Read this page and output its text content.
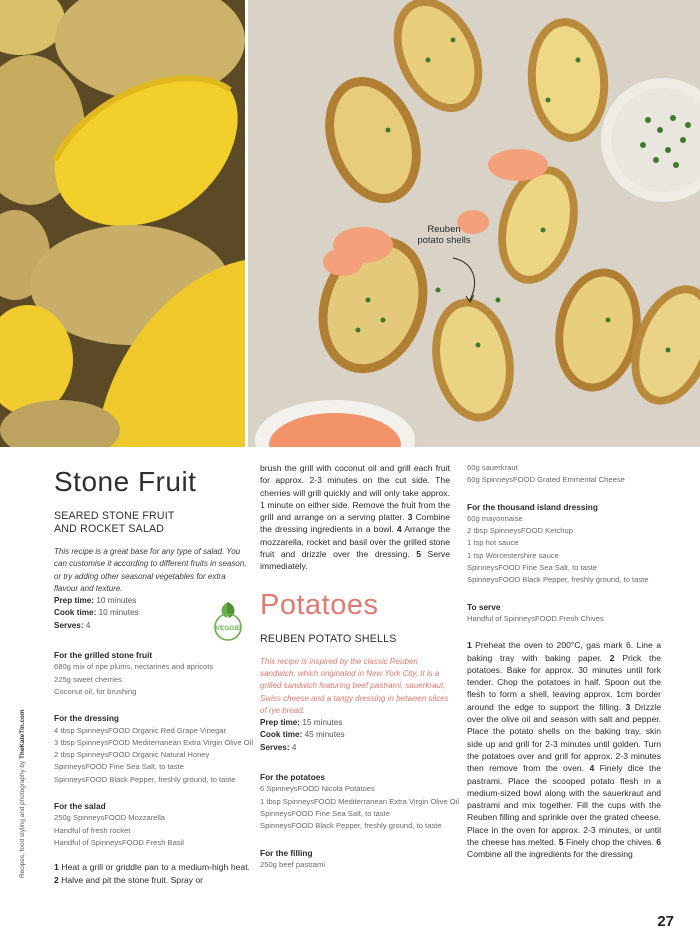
Reuben
potato shells
Stone Fruit
SEARED STONE FRUIT
AND ROCKET SALAD

This recipe is a great base for any type of salad. You can customise it according to different fruits in season, or try adding other seasonal vegetables for extra flavour and texture.

Prep time: 10 minutes
Cook time: 10 minutes
Serves: 4
For the grilled stone fruit
680g mix of ripe plums, nectarines and apricots
225g sweet cherries
Coconut oil, for brushing
For the dressing
4 tbsp SpinneysFOOD Organic Red Grape Vinegar
3 tbsp SpinneysFOOD Mediterranean Extra Virgin Olive Oil
2 tbsp SpinneysFOOD Organic Natural Honey
SpinneysFOOD Fine Sea Salt, to taste
SpinneysFOOD Black Pepper, freshly ground, to taste
For the salad
250g SpinneysFOOD Mozzarella
Handful of fresh rocket
Handful of SpinneysFOOD Fresh Basil

1 Heat a grill or griddle pan to a medium-high heat. 2 Halve and pit the stone fruit. Spray or

VEGGIE

brush the grill with coconut oil and grill each fruit for approx. 2-3 minutes on the cut side. The cherries will grill quickly and will only take approx. 1 minute on either side. Remove the fruit from the grill and arrange on a serving platter. 3 Combine the dressing ingredients in a bowl. 4 Arrange the mozzarella, rocket and basil over the grilled stone fruit and drizzle over the dressing. 5 Serve immediately.

Potatoes
REUBEN POTATO SHELLS

This recipe is inspired by the classic Reuben sandwich, which originated in New York City. It is a grilled sandwich featuring beef pastrami, sauerkraut, Swiss cheese and a tangy dressing in between slices of rye bread.

Prep time: 15 minutes
Cook time: 45 minutes
Serves: 4
For the potatoes
6 SpinneysFOOD Nicola Potatoes
1 tbsp SpinneysFOOD Mediterranean Extra Virgin Olive Oil
SpinneysFOOD Fine Sea Salt, to taste
SpinneysFOOD Black Pepper, freshly ground, to taste
For the filling
250g beef pastrami
60g sauerkraut
60g SpinneysFOOD Grated Emmental Cheese
For the thousand island dressing
60g mayonnaise
2 tbsp SpinneysFOOD Ketchup
1 tsp hot sauce
1 tsp Worcestershire sauce
SpinneysFOOD Fine Sea Salt, to taste
SpinneysFOOD Black Pepper, freshly ground, to taste
To serve
Handful of SpinneysFOOD Fresh Chives

1 Preheat the oven to 200°C, gas mark 6. Line a baking tray with baking paper. 2 Prick the potatoes. Bake for approx. 30 minutes until fork tender. Chop the potatoes in half. Spoon out the flesh to form a shell, leaving approx. 1cm border around the edge to support the filling. 3 Drizzle over the olive oil and season with salt and pepper. Place the potato shells on the baking tray, skin side up and grill for 2-3 minutes until golden. Turn the potatoes over and grill for approx. 2-3 minutes then remove from the oven. 4 Finely dice the pastrami. Place the scooped potato flesh in a medium-sized bowl along with the sauerkraut and pastrami and mix together. Fill the cups with the Reuben filling and sprinkle over the grated cheese. Place in the oven for approx. 2-3 minutes, or until the cheese has melted. 5 Finely chop the chives. 6 Combine all the ingredients for the dressing

Recipes, food styling and photography by TheKateTin.com
27
